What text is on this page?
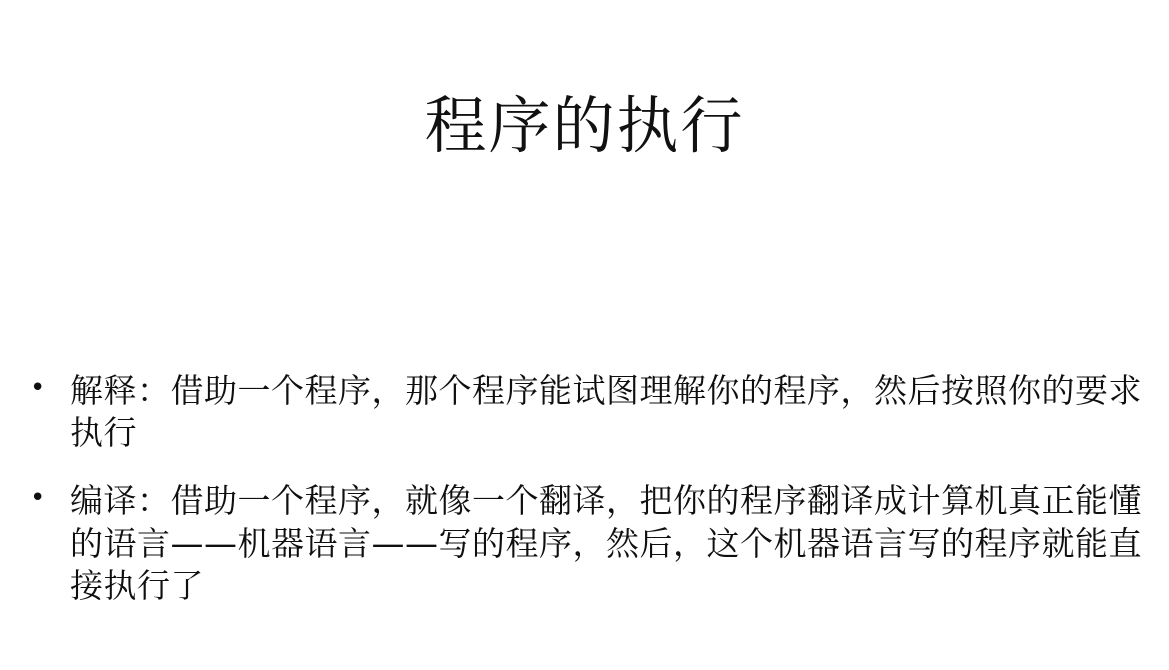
程序的执行
• 解释：借助一个程序，那个程序能试图理解你的程序，然后按照你的要求执行
• 编译：借助一个程序，就像一个翻译，把你的程序翻译成计算机真正能懂的语言——机器语言——写的程序，然后，这个机器语言写的程序就能直接执行了
